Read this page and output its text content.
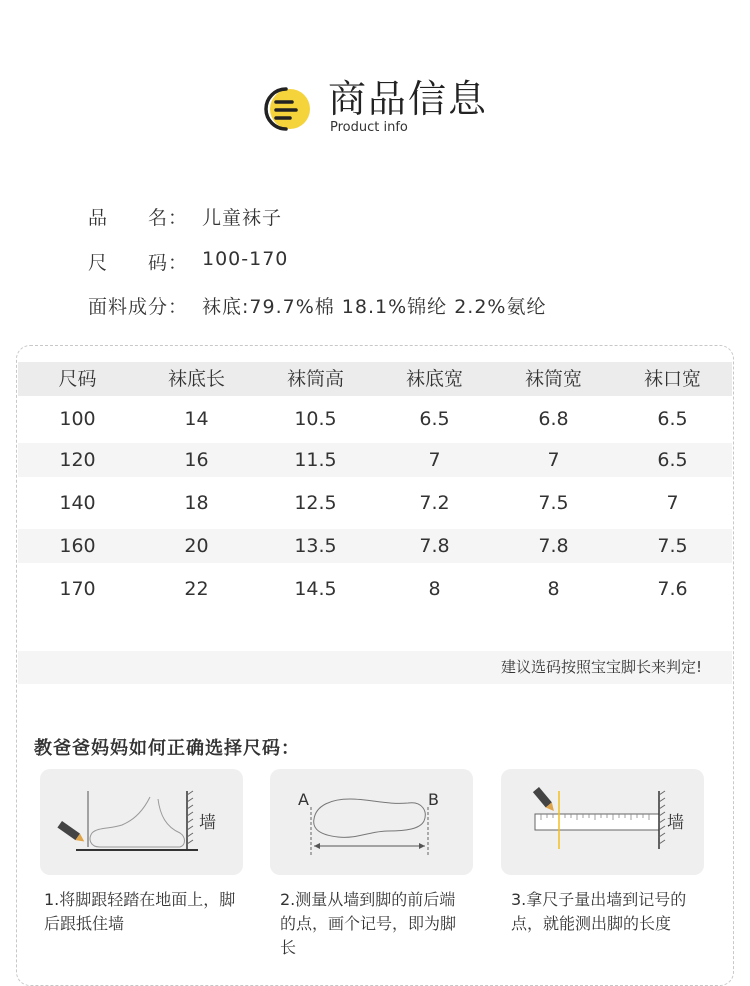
商品信息
Product info
品　　名： 儿童袜子
尺　　码： 100-170
面料成分： 袜底:79.7%棉 18.1%锦纶 2.2%氨纶
尺码	袜底长	袜筒高	袜底宽	袜筒宽	袜口宽
100	14	10.5	6.5	6.8	6.5
120	16	11.5	7	7	6.5
140	18	12.5	7.2	7.5	7
160	20	13.5	7.8	7.8	7.5
170	22	14.5	8	8	7.6
建议选码按照宝宝脚长来判定!
教爸爸妈妈如何正确选择尺码：
墙
A	B
墙
1.将脚跟轻踏在地面上，脚后跟抵住墙
2.测量从墙到脚的前后端的点，画个记号，即为脚长
3.拿尺子量出墙到记号的点，就能测出脚的长度
